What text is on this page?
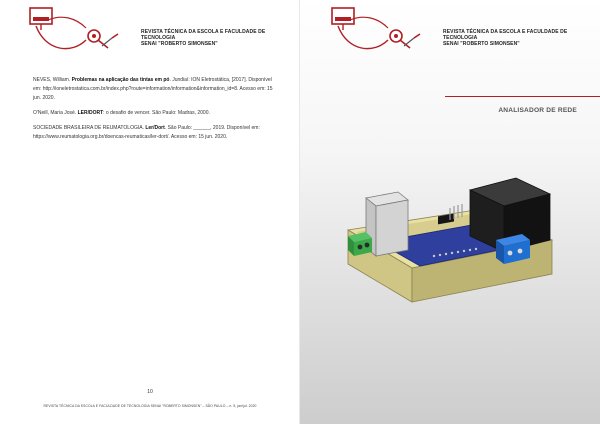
REVISTA TÉCNICA DA ESCOLA E FACULDADE DE TECNOLOGIA
SENAI "ROBERTO SIMONSEN"

NEVES, William. Problemas na aplicação das tintas em pó. Jundiaí: ION Eletrostática, [2017]. Disponível em: http://ioneletrostatica.com.br/index.php?route=information/information&information_id=8. Acesso em: 15 jun. 2020.

O'Neill, Maria José. LER/DORT: o desafio de vencer. São Paulo: Madras, 2000.

SOCIEDADE BRASILEIRA DE REUMATOLOGIA. Ler/Dort. São Paulo: ______, 2019. Disponível em: https://www.reumatologia.org.br/doencas-reumaticas/ler-dort/. Acesso em: 15 jun. 2020.

10
REVISTA TÉCNICA DA ESCOLA E FACULDADE DE TECNOLOGIA SENAI "ROBERTO SIMONSEN" – SÃO PAULO – n. 5, jan/jul. 2020
REVISTA TÉCNICA DA ESCOLA E FACULDADE DE TECNOLOGIA
SENAI "ROBERTO SIMONSEN"
ANALISADOR DE REDE
